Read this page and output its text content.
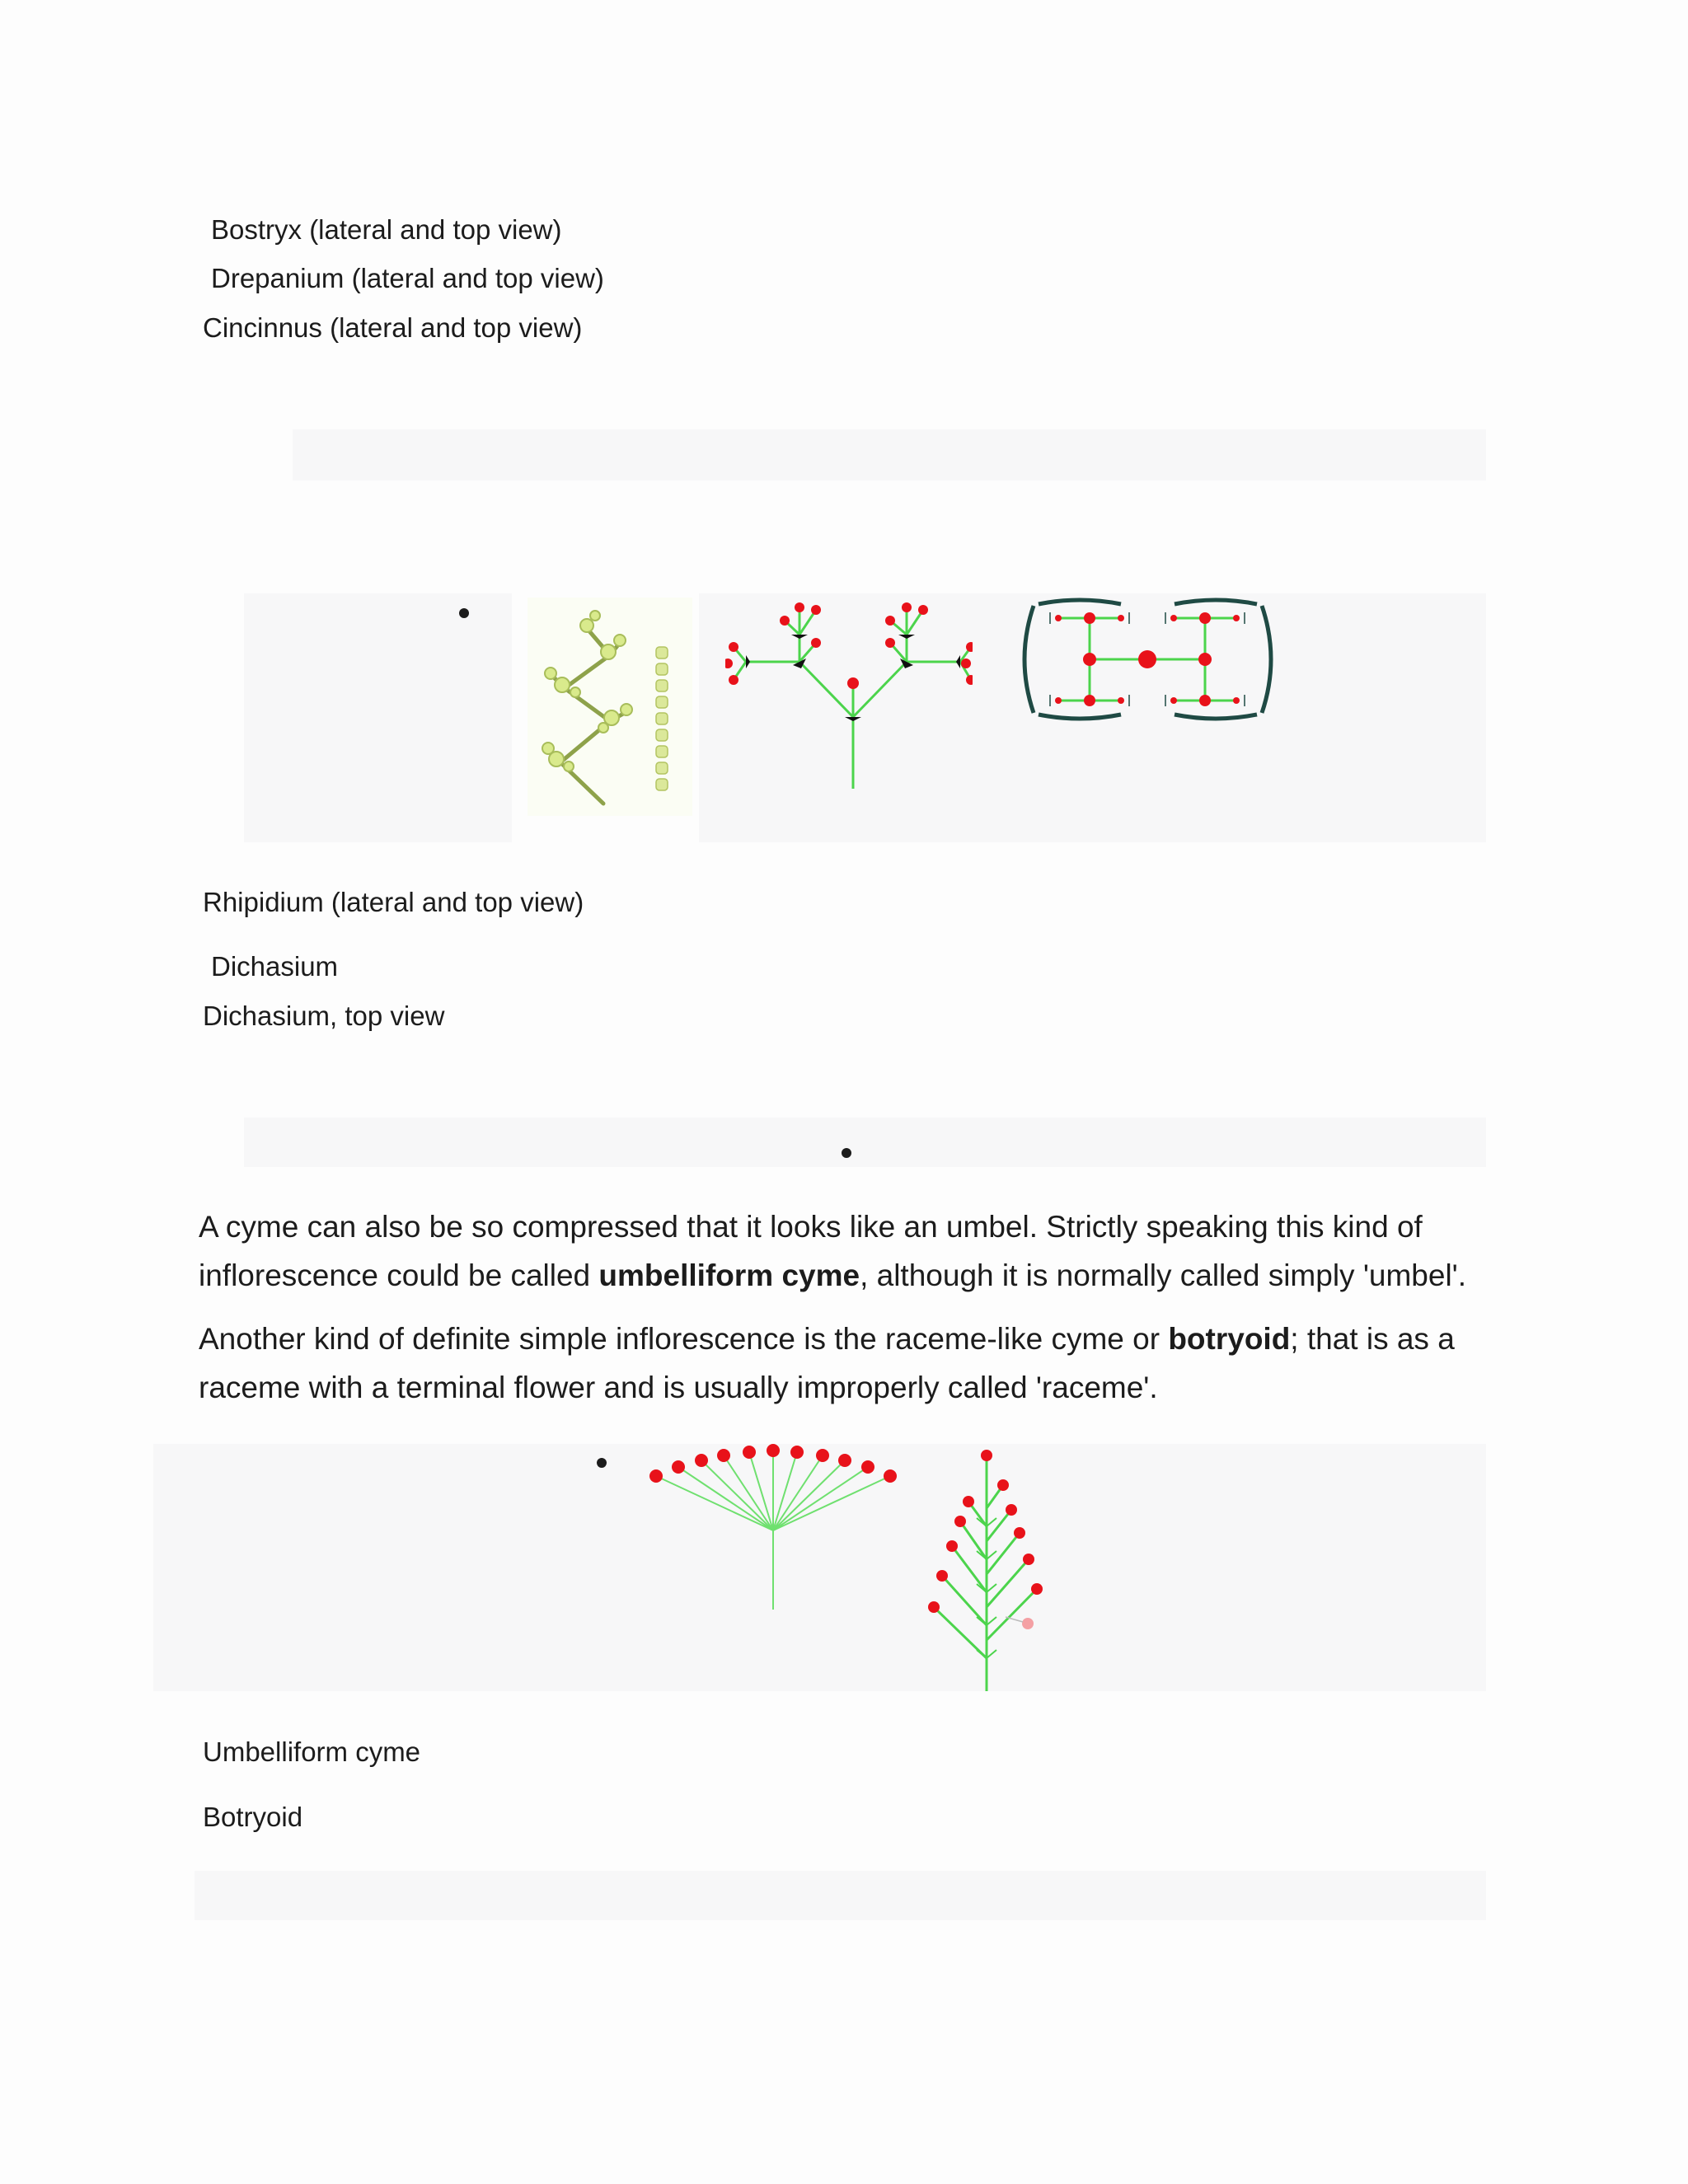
Bostryx (lateral and top view)
Drepanium (lateral and top view)
Cincinnus (lateral and top view)
Rhipidium (lateral and top view)
Dichasium
Dichasium, top view
A cyme can also be so compressed that it looks like an umbel. Strictly speaking this kind of inflorescence could be called umbelliform cyme, although it is normally called simply 'umbel'.
Another kind of definite simple inflorescence is the raceme-like cyme or botryoid; that is as a raceme with a terminal flower and is usually improperly called 'raceme'.
Umbelliform cyme
Botryoid
